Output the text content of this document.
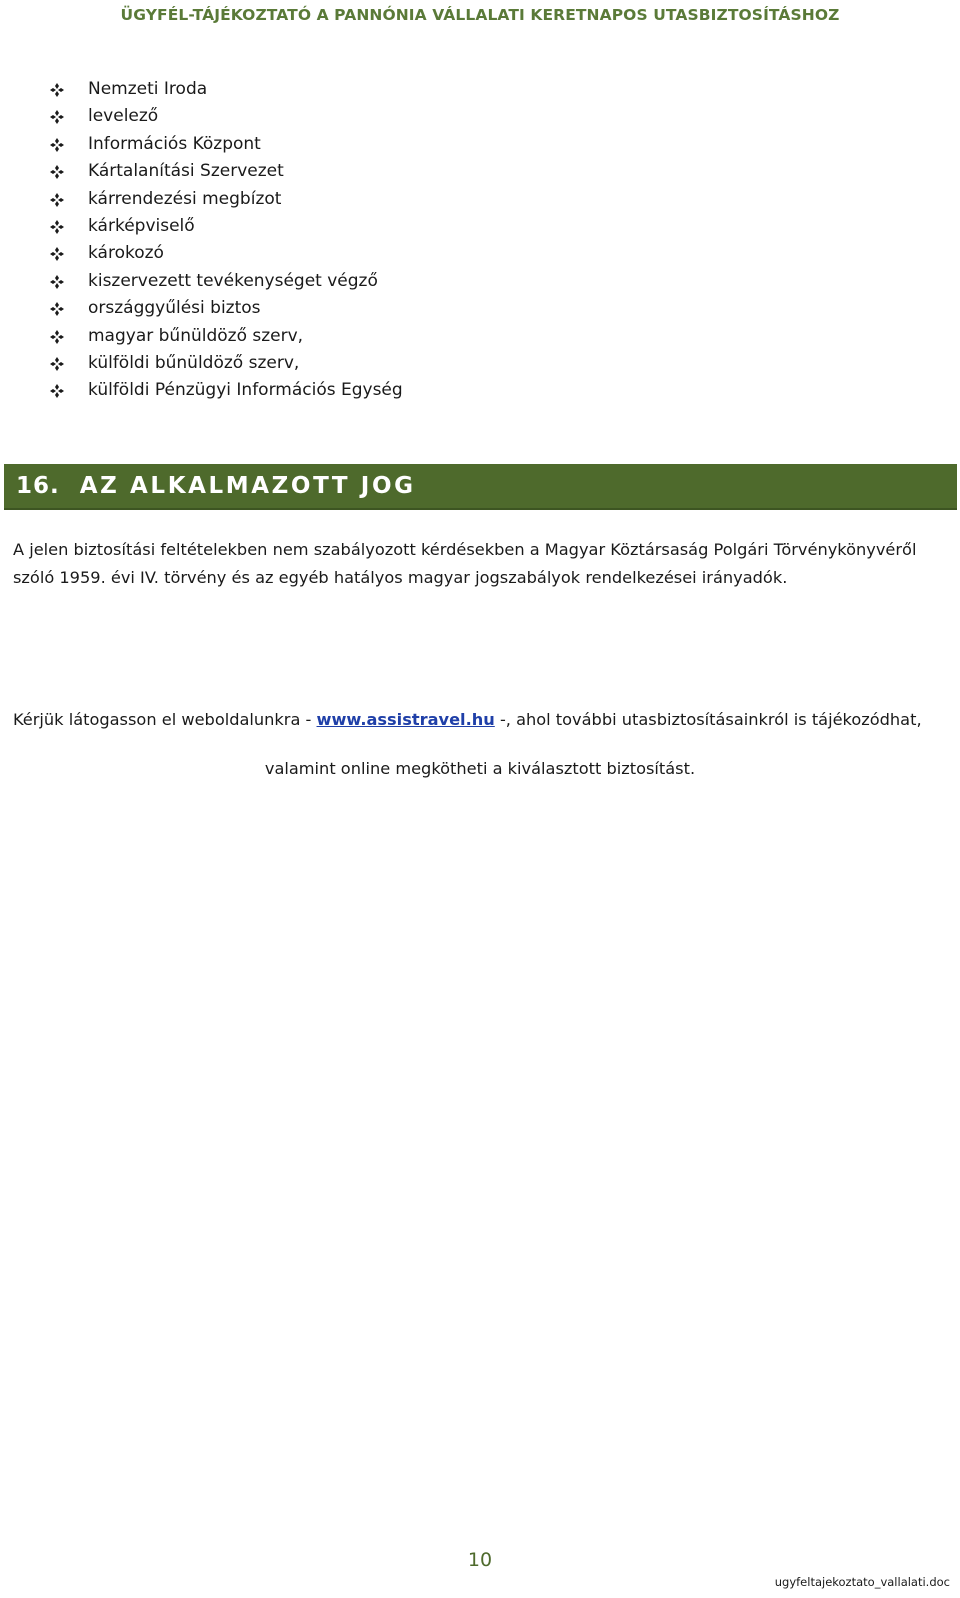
ÜGYFÉL-TÁJÉKOZTATÓ A PANNÓNIA VÁLLALATI KERETNAPOS UTASBIZTOSÍTÁSHOZ
Nemzeti Iroda
levelező
Információs Központ
Kártalanítási Szervezet
kárrendezési megbízot
kárképviselő
károkozó
kiszervezett tevékenységet végző
országgyűlési biztos
magyar bűnüldöző szerv,
külföldi bűnüldöző szerv,
külföldi Pénzügyi Információs Egység
16. AZ ALKALMAZOTT JOG
A jelen biztosítási feltételekben nem szabályozott kérdésekben a Magyar Köztársaság Polgári Törvénykönyvéről szóló 1959. évi IV. törvény és az egyéb hatályos magyar jogszabályok rendelkezései irányadók.
Kérjük látogasson el weboldalunkra - www.assistravel.hu -, ahol további utasbiztosításainkról is tájékozódhat,
valamint online megkötheti a kiválasztott biztosítást.
10
ugyfeltajekoztato_vallalati.doc
